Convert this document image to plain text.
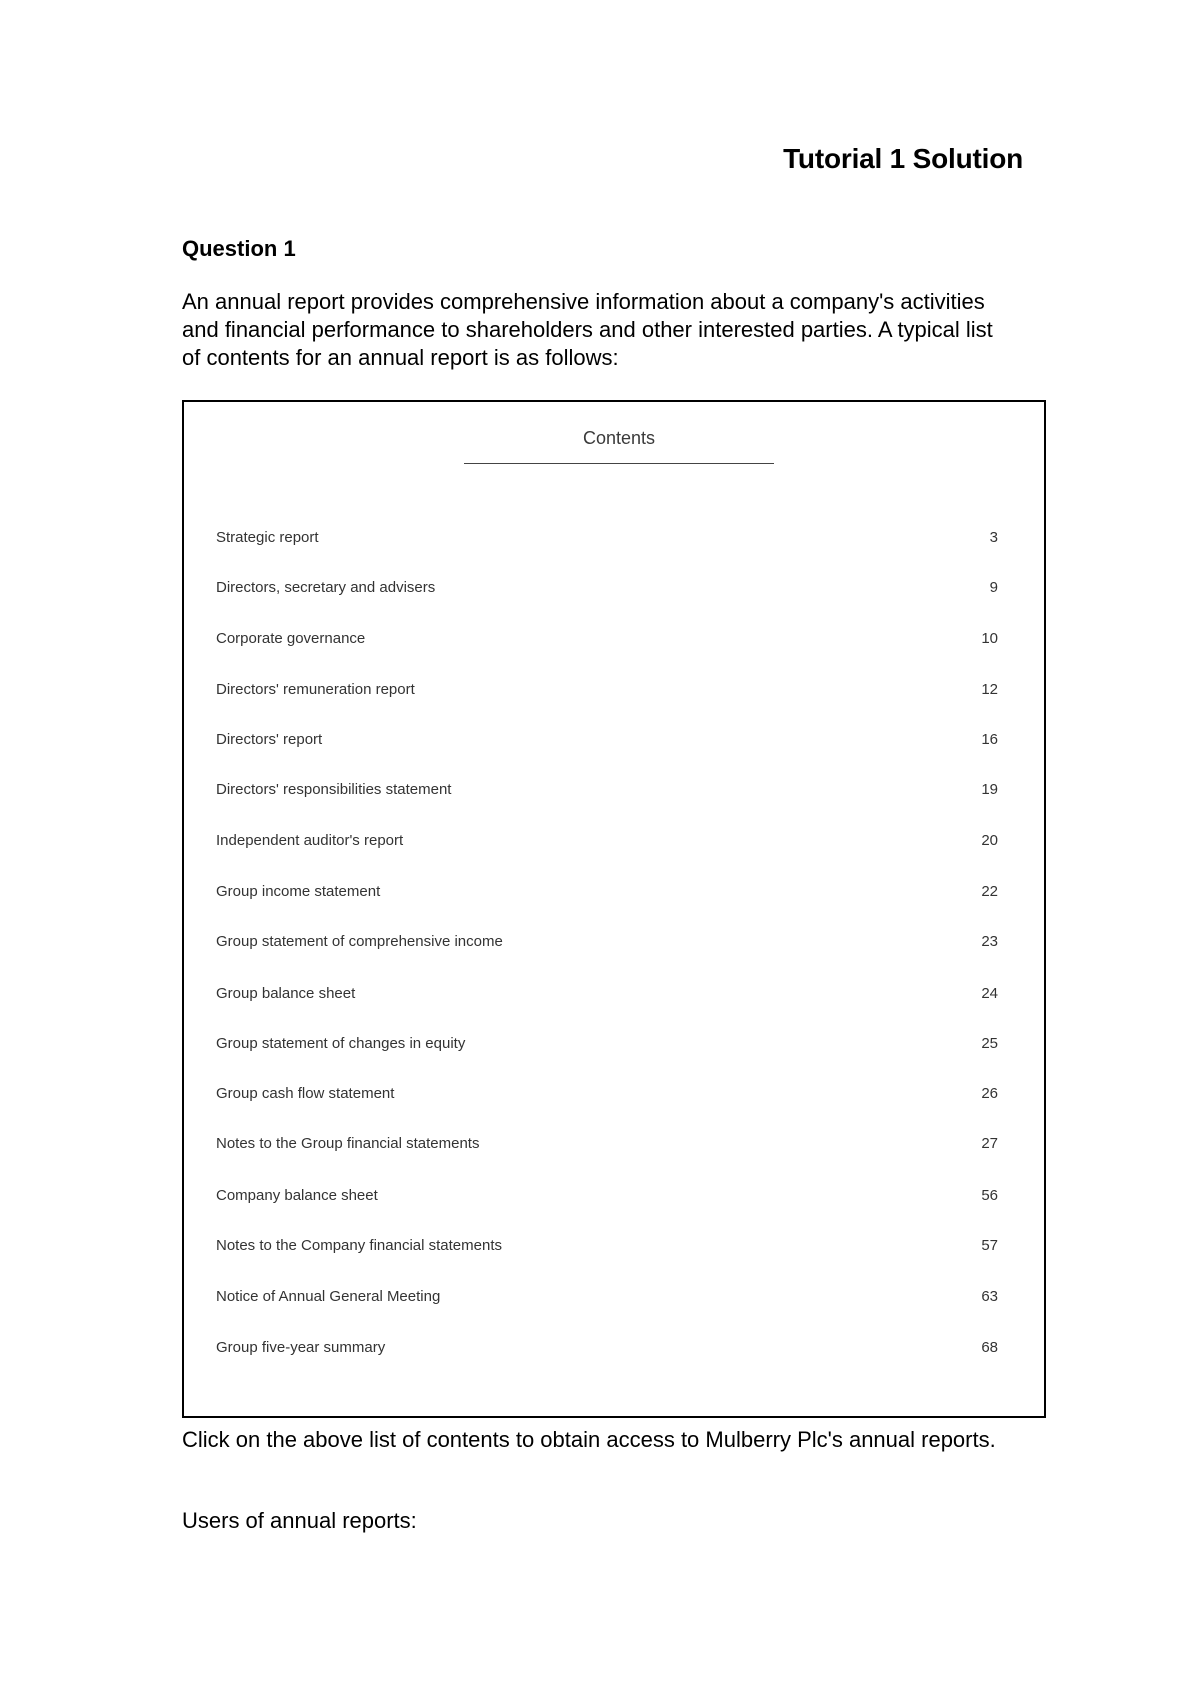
Tutorial 1 Solution
Question 1
An annual report provides comprehensive information about a company's activities and financial performance to shareholders and other interested parties. A typical list of contents for an annual report is as follows:
Contents
Strategic report	3
Directors, secretary and advisers	9
Corporate governance	10
Directors' remuneration report	12
Directors' report	16
Directors' responsibilities statement	19
Independent auditor's report	20
Group income statement	22
Group statement of comprehensive income	23
Group balance sheet	24
Group statement of changes in equity	25
Group cash flow statement	26
Notes to the Group financial statements	27
Company balance sheet	56
Notes to the Company financial statements	57
Notice of Annual General Meeting	63
Group five-year summary	68
Click on the above list of contents to obtain access to Mulberry Plc's annual reports.
Users of annual reports:
